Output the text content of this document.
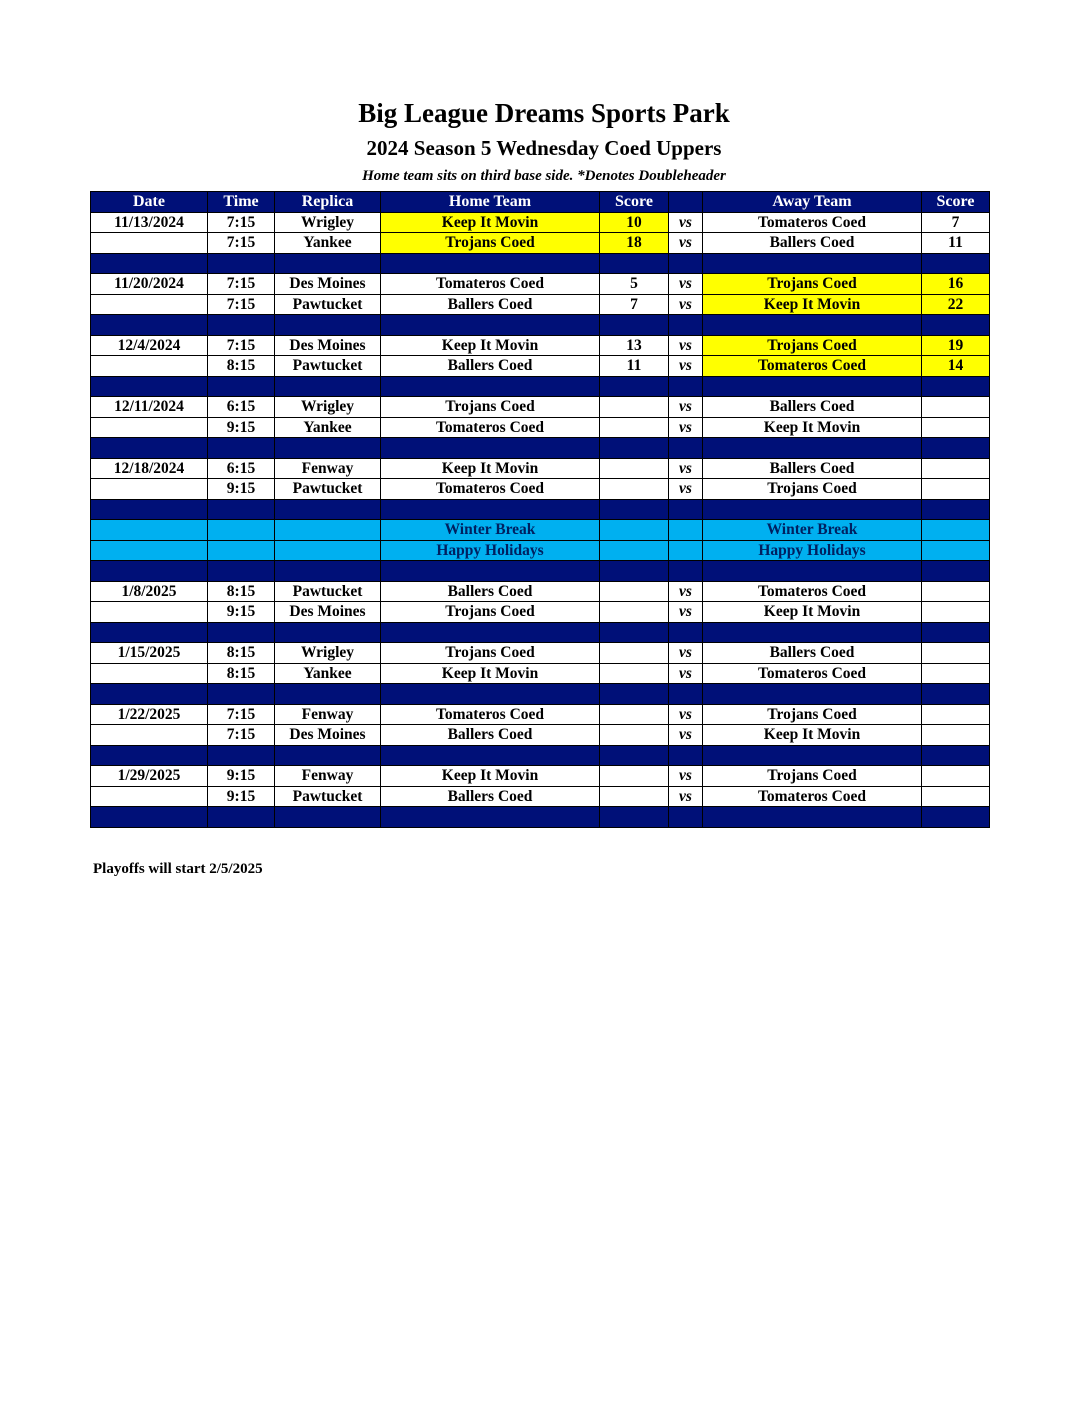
Big League Dreams Sports Park
2024 Season 5 Wednesday Coed Uppers
Home team sits on third base side. *Denotes Doubleheader
Date	Time	Replica	Home Team	Score		Away Team	Score
11/13/2024	7:15	Wrigley	Keep It Movin	10	vs	Tomateros Coed	7
	7:15	Yankee	Trojans Coed	18	vs	Ballers Coed	11

11/20/2024	7:15	Des Moines	Tomateros Coed	5	vs	Trojans Coed	16
	7:15	Pawtucket	Ballers Coed	7	vs	Keep It Movin	22

12/4/2024	7:15	Des Moines	Keep It Movin	13	vs	Trojans Coed	19
	8:15	Pawtucket	Ballers Coed	11	vs	Tomateros Coed	14

12/11/2024	6:15	Wrigley	Trojans Coed		vs	Ballers Coed	
	9:15	Yankee	Tomateros Coed		vs	Keep It Movin	

12/18/2024	6:15	Fenway	Keep It Movin		vs	Ballers Coed	
	9:15	Pawtucket	Tomateros Coed		vs	Trojans Coed	

			Winter Break			Winter Break	
			Happy Holidays			Happy Holidays	

1/8/2025	8:15	Pawtucket	Ballers Coed		vs	Tomateros Coed	
	9:15	Des Moines	Trojans Coed		vs	Keep It Movin	

1/15/2025	8:15	Wrigley	Trojans Coed		vs	Ballers Coed	
	8:15	Yankee	Keep It Movin		vs	Tomateros Coed	

1/22/2025	7:15	Fenway	Tomateros Coed		vs	Trojans Coed	
	7:15	Des Moines	Ballers Coed		vs	Keep It Movin	

1/29/2025	9:15	Fenway	Keep It Movin		vs	Trojans Coed	
	9:15	Pawtucket	Ballers Coed		vs	Tomateros Coed	

Playoffs will start 2/5/2025
